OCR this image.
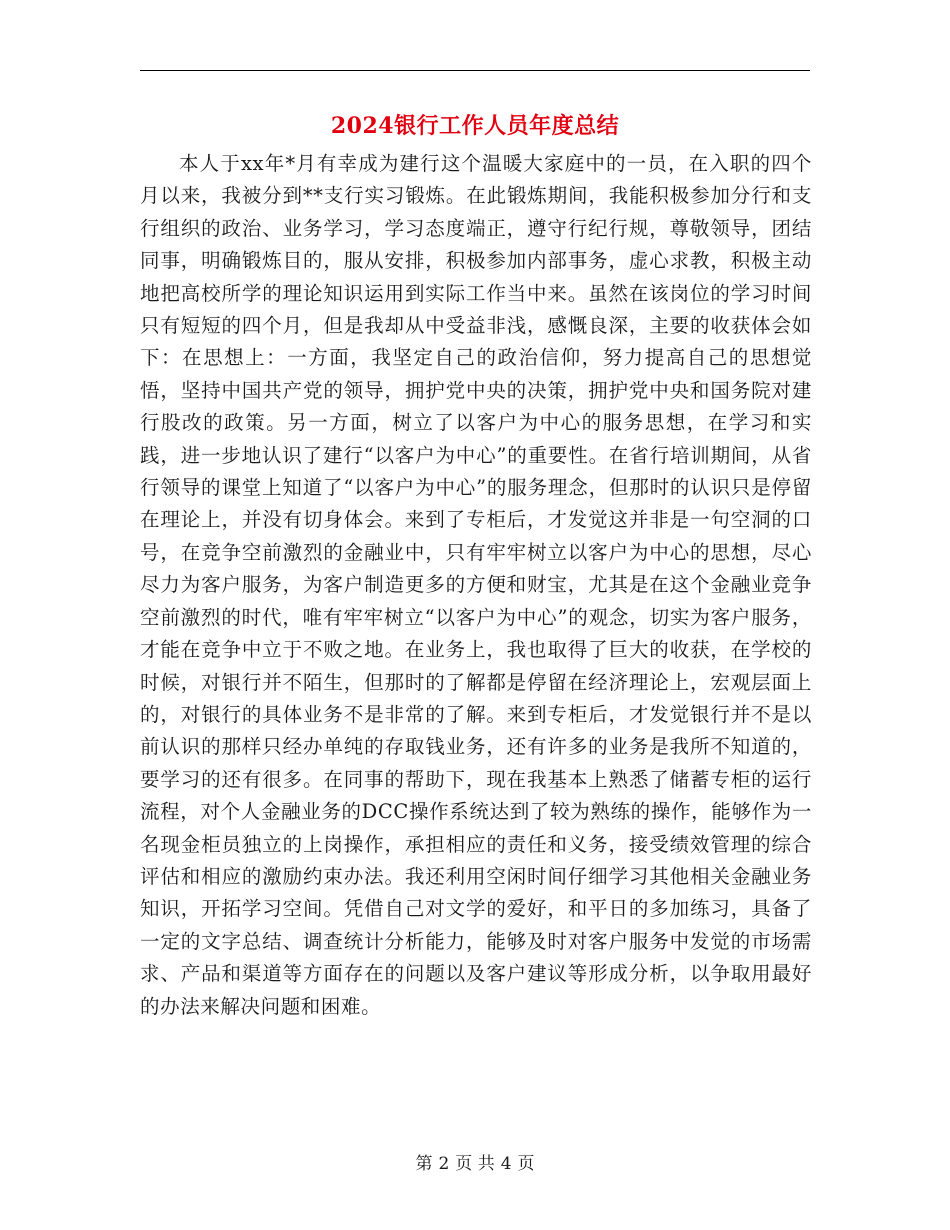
2024银行工作人员年度总结

本人于xx年*月有幸成为建行这个温暖大家庭中的一员，在入职的四个月以来，我被分到**支行实习锻炼。在此锻炼期间，我能积极参加分行和支行组织的政治、业务学习，学习态度端正，遵守行纪行规，尊敬领导，团结同事，明确锻炼目的，服从安排，积极参加内部事务，虚心求教，积极主动地把高校所学的理论知识运用到实际工作当中来。虽然在该岗位的学习时间只有短短的四个月，但是我却从中受益非浅，感慨良深，主要的收获体会如下：在思想上：一方面，我坚定自己的政治信仰，努力提高自己的思想觉悟，坚持中国共产党的领导，拥护党中央的决策，拥护党中央和国务院对建行股改的政策。另一方面，树立了以客户为中心的服务思想，在学习和实践，进一步地认识了建行“以客户为中心”的重要性。在省行培训期间，从省行领导的课堂上知道了“以客户为中心”的服务理念，但那时的认识只是停留在理论上，并没有切身体会。来到了专柜后，才发觉这并非是一句空洞的口号，在竞争空前激烈的金融业中，只有牢牢树立以客户为中心的思想，尽心尽力为客户服务，为客户制造更多的方便和财宝，尤其是在这个金融业竞争空前激烈的时代，唯有牢牢树立“以客户为中心”的观念，切实为客户服务，才能在竞争中立于不败之地。在业务上，我也取得了巨大的收获，在学校的时候，对银行并不陌生，但那时的了解都是停留在经济理论上，宏观层面上的，对银行的具体业务不是非常的了解。来到专柜后，才发觉银行并不是以前认识的那样只经办单纯的存取钱业务，还有许多的业务是我所不知道的，要学习的还有很多。在同事的帮助下，现在我基本上熟悉了储蓄专柜的运行流程，对个人金融业务的DCC操作系统达到了较为熟练的操作，能够作为一名现金柜员独立的上岗操作，承担相应的责任和义务，接受绩效管理的综合评估和相应的激励约束办法。我还利用空闲时间仔细学习其他相关金融业务知识，开拓学习空间。凭借自己对文学的爱好，和平日的多加练习，具备了一定的文字总结、调查统计分析能力，能够及时对客户服务中发觉的市场需求、产品和渠道等方面存在的问题以及客户建议等形成分析，以争取用最好的办法来解决问题和困难。

第 2 页 共 4 页
